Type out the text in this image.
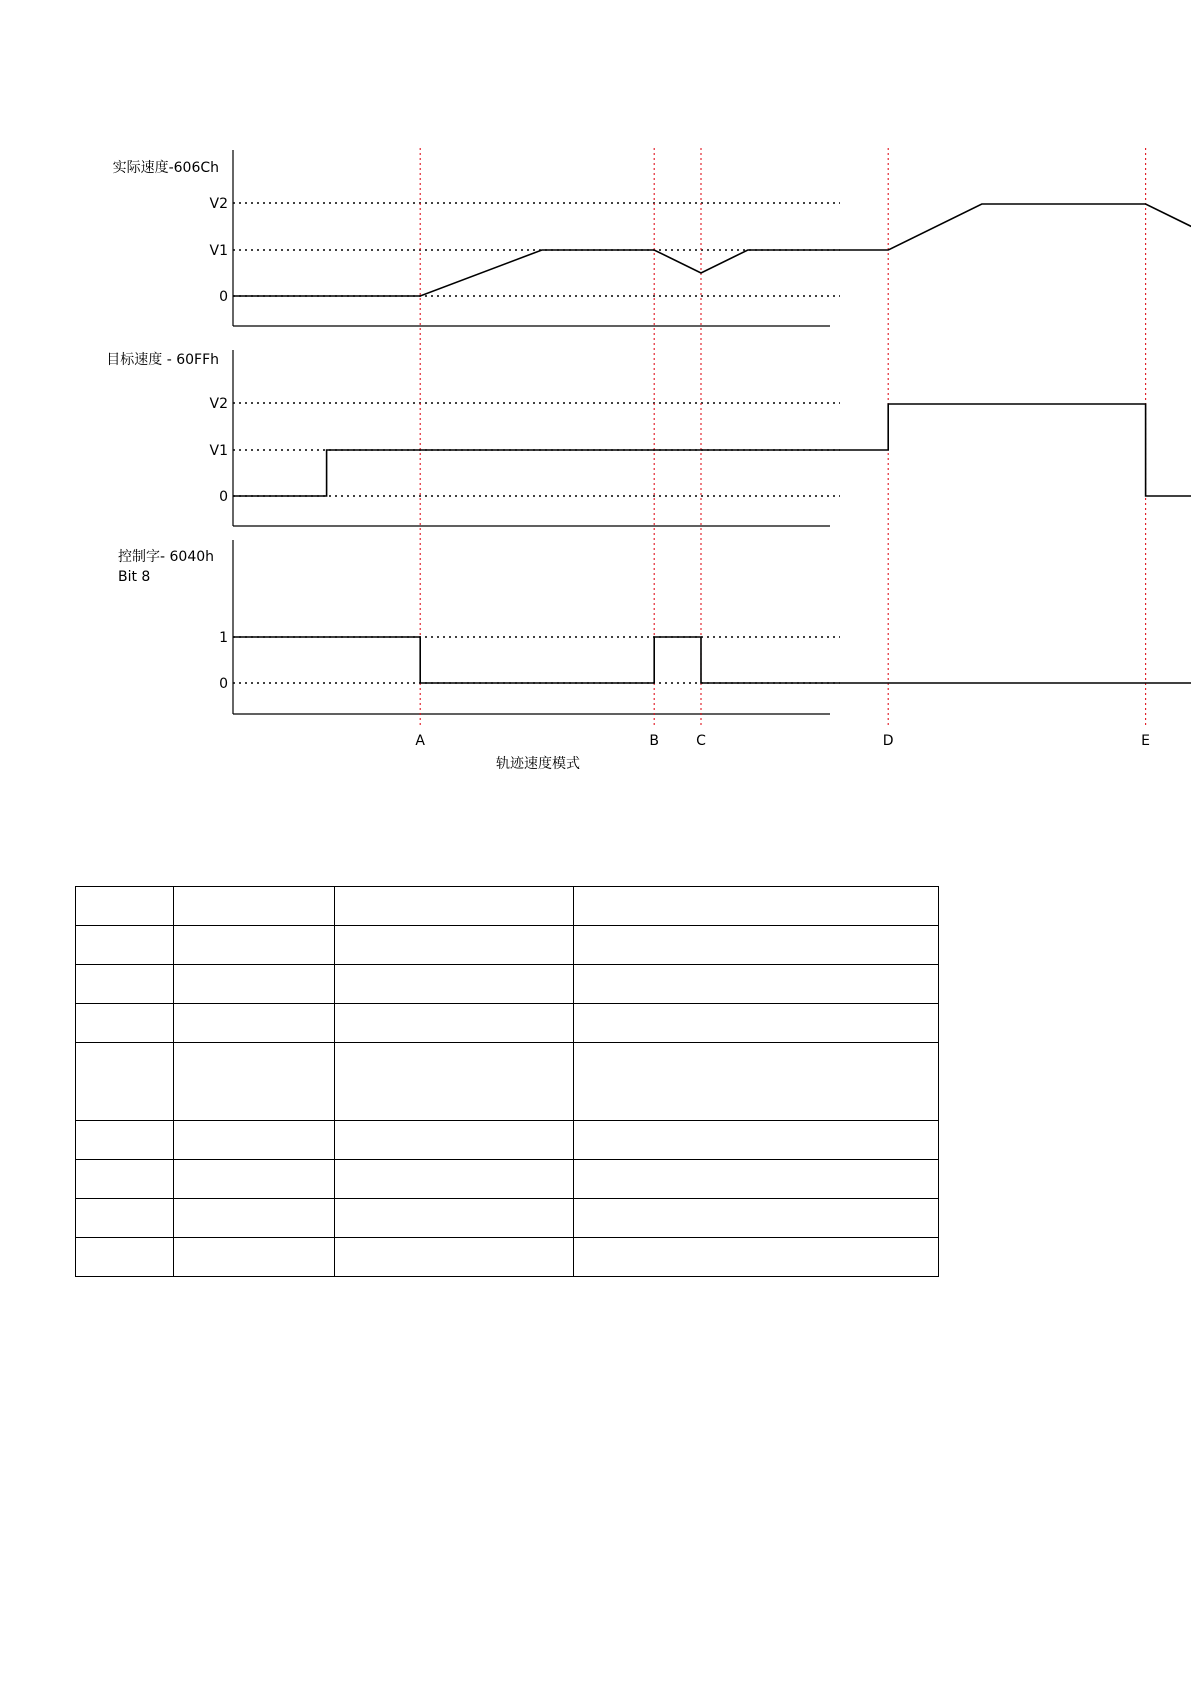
实际速度-606Ch
V2
V1
0
目标速度 - 60FFh
V2
V1
0
控制字- 6040h
Bit 8
1
0
A	B	C	D	E
轨迹速度模式
